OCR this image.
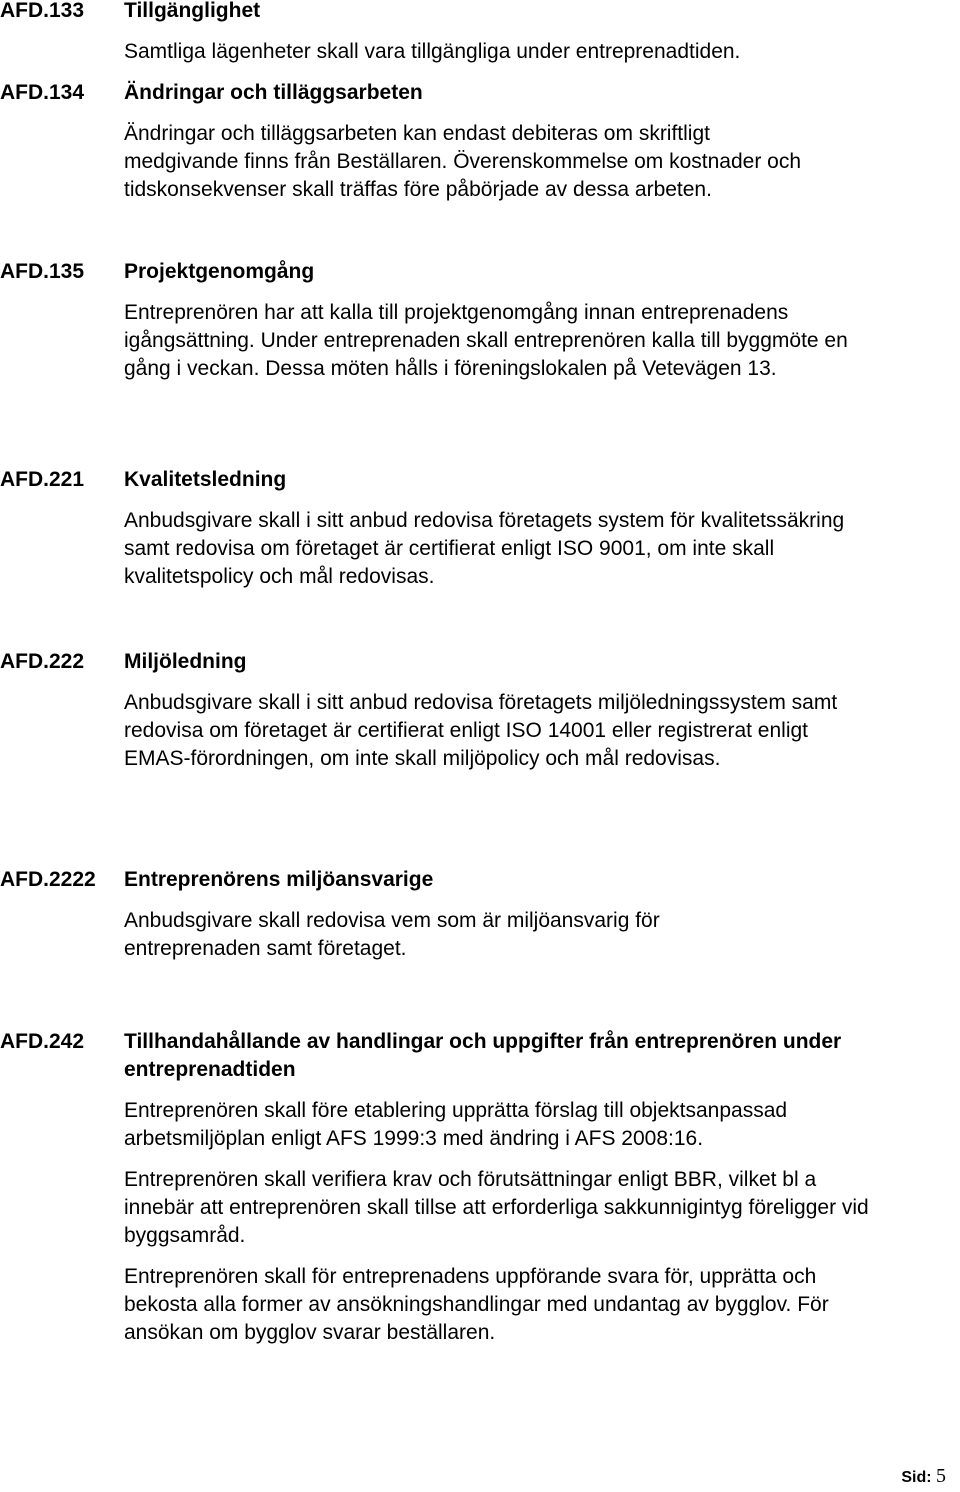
AFD.133 Tillgänglighet

Samtliga lägenheter skall vara tillgängliga under entreprenadtiden.

AFD.134 Ändringar och tilläggsarbeten

Ändringar och tilläggsarbeten kan endast debiteras om skriftligt medgivande finns från Beställaren. Överenskommelse om kostnader och tidskonsekvenser skall träffas före påbörjade av dessa arbeten.

AFD.135 Projektgenomgång

Entreprenören har att kalla till projektgenomgång innan entreprenadens igångsättning. Under entreprenaden skall entreprenören kalla till byggmöte en gång i veckan. Dessa möten hålls i föreningslokalen på Vetevägen 13.

AFD.221 Kvalitetsledning

Anbudsgivare skall i sitt anbud redovisa företagets system för kvalitetssäkring samt redovisa om företaget är certifierat enligt ISO 9001, om inte skall kvalitetspolicy och mål redovisas.

AFD.222 Miljöledning

Anbudsgivare skall i sitt anbud redovisa företagets miljöledningssystem samt redovisa om företaget är certifierat enligt ISO 14001 eller registrerat enligt EMAS-förordningen, om inte skall miljöpolicy och mål redovisas.

AFD.2222 Entreprenörens miljöansvarige

Anbudsgivare skall redovisa vem som är miljöansvarig för entreprenaden samt företaget.

AFD.242 Tillhandahållande av handlingar och uppgifter från entreprenören under entreprenadtiden

Entreprenören skall före etablering upprätta förslag till objektsanpassad arbetsmiljöplan enligt AFS 1999:3 med ändring i AFS 2008:16.

Entreprenören skall verifiera krav och förutsättningar enligt BBR, vilket bl a innebär att entreprenören skall tillse att erforderliga sakkunnigintyg föreligger vid byggsamråd.

Entreprenören skall för entreprenadens uppförande svara för, upprätta och bekosta alla former av ansökningshandlingar med undantag av bygglov. För ansökan om bygglov svarar beställaren.

Sid: 5
